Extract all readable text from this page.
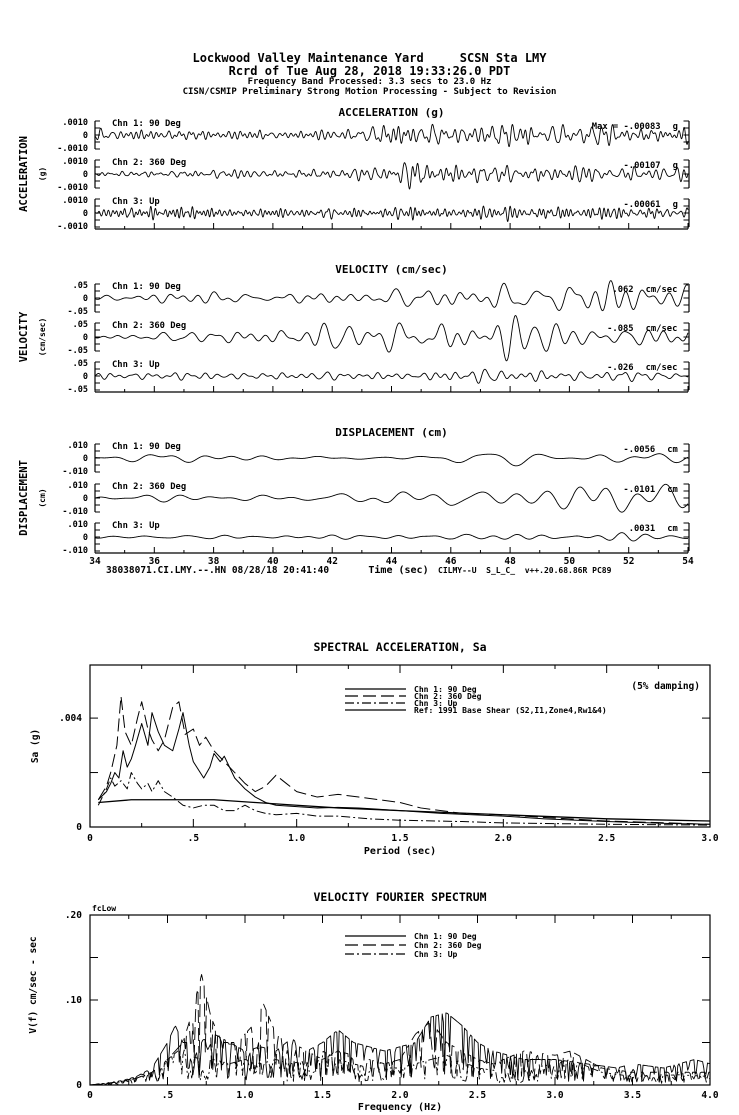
Lockwood Valley Maintenance Yard     SCSN Sta LMY
Rcrd of Tue Aug 28, 2018 19:33:26.0 PDT
Frequency Band Processed: 3.3 secs to 23.0 Hz
CISN/CSMIP Preliminary Strong Motion Processing - Subject to Revision
ACCELERATION (g)
ACCELERATION (g)
.0010
0
-.0010
Chn 1: 90 Deg	g
Max = -.00083
.0010
0
-.0010
Chn 2: 360 Deg	g
-.00107
.0010
0
-.0010
Chn 3: Up	g
-.00061
VELOCITY (cm/sec)
VELOCITY (cm/sec)
.05
0
-.05
Chn 1: 90 Deg	cm/sec
.062
.05
0
-.05
Chn 2: 360 Deg	cm/sec
-.085
.05
0
-.05
Chn 3: Up	cm/sec
-.026
DISPLACEMENT (cm)
DISPLACEMENT (cm)
34	36	38	40	42	44	46	48	50	52	54
Time (sec)
.010
0
-.010
Chn 1: 90 Deg	cm
-.0056
.010
0
-.010
Chn 2: 360 Deg	cm
-.0101
.010
0
-.010
Chn 3: Up	cm
.0031
SPECTRAL ACCELERATION, Sa
0
.004
0	.5	1.0	1.5	2.0	2.5	3.0
Period (sec)
Sa (g)
(5% damping)
Chn 1: 90 Deg
Chn 2: 360 Deg
Chn 3: Up
Ref: 1991 Base Shear (S2,I1,Zone4,Rw1&4)
VELOCITY FOURIER SPECTRUM
.20
.10
0
0	.5	1.0	1.5	2.0	2.5	3.0	3.5	4.0
Frequency (Hz)
V(f) cm/sec - sec
fcLow
Chn 1: 90 Deg
Chn 2: 360 Deg
Chn 3: Up
38038071.CI.LMY.--.HN 08/28/18 20:41:40	CILMY--U  S_L_C_  v++.20.68.86R PC89
